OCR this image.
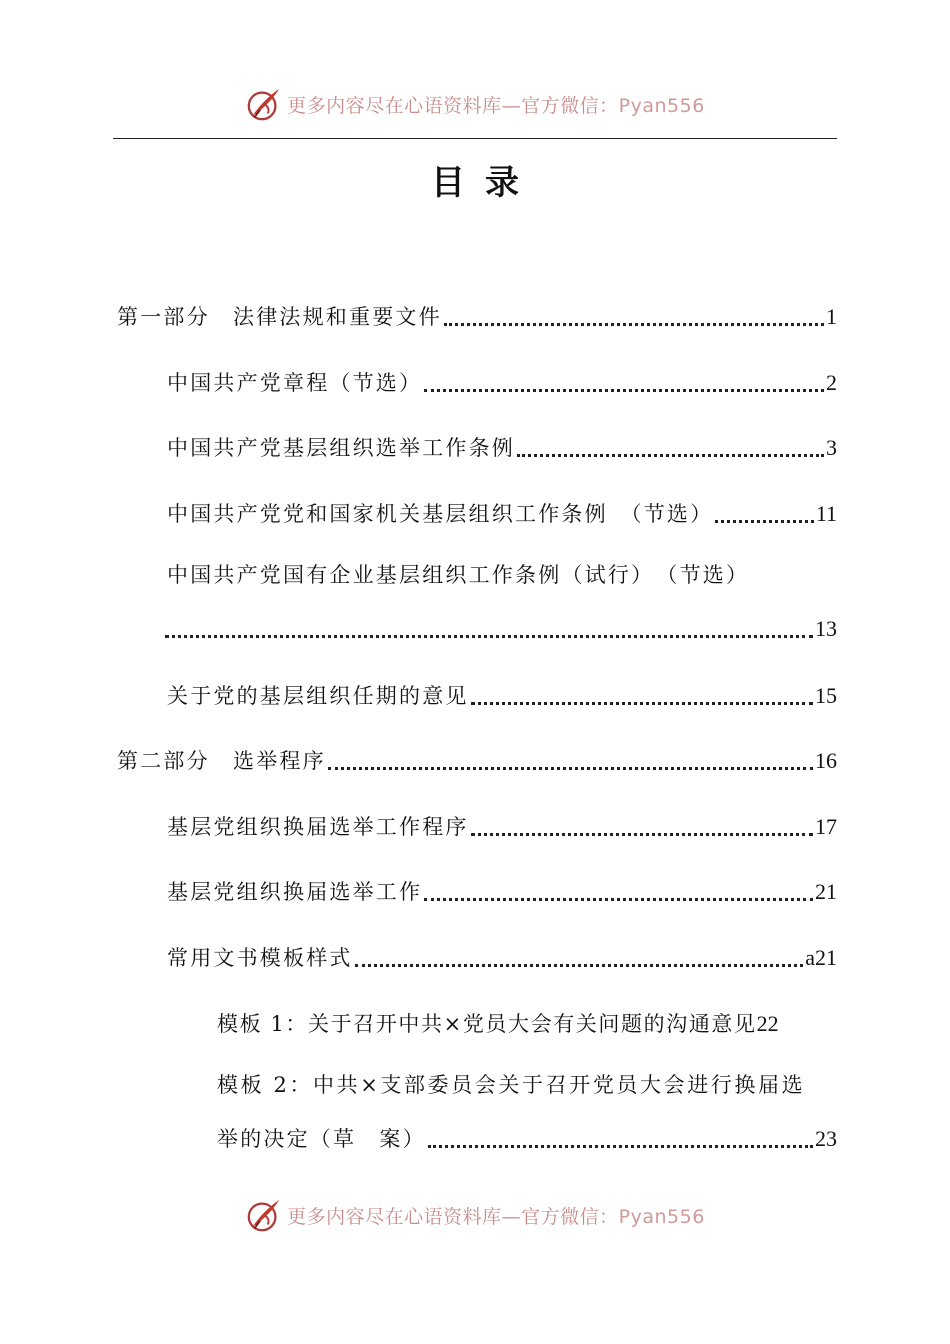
更多内容尽在心语资料库—官方微信：Pyan556
目录
第一部分　法律法规和重要文件	1
中国共产党章程（节选）	2
中国共产党基层组织选举工作条例	3
中国共产党党和国家机关基层组织工作条例　（节选）	11
中国共产党国有企业基层组织工作条例（试行）　（节选）
13
关于党的基层组织任期的意见	15
第二部分　选举程序	16
基层党组织换届选举工作程序	17
基层党组织换届选举工作	21
常用文书模板样式	a21
模板 1：关于召开中共×党员大会有关问题的沟通意见 22
模板 2：中共×支部委员会关于召开党员大会进行换届选
举的决定（草　案）	23
更多内容尽在心语资料库—官方微信：Pyan556
